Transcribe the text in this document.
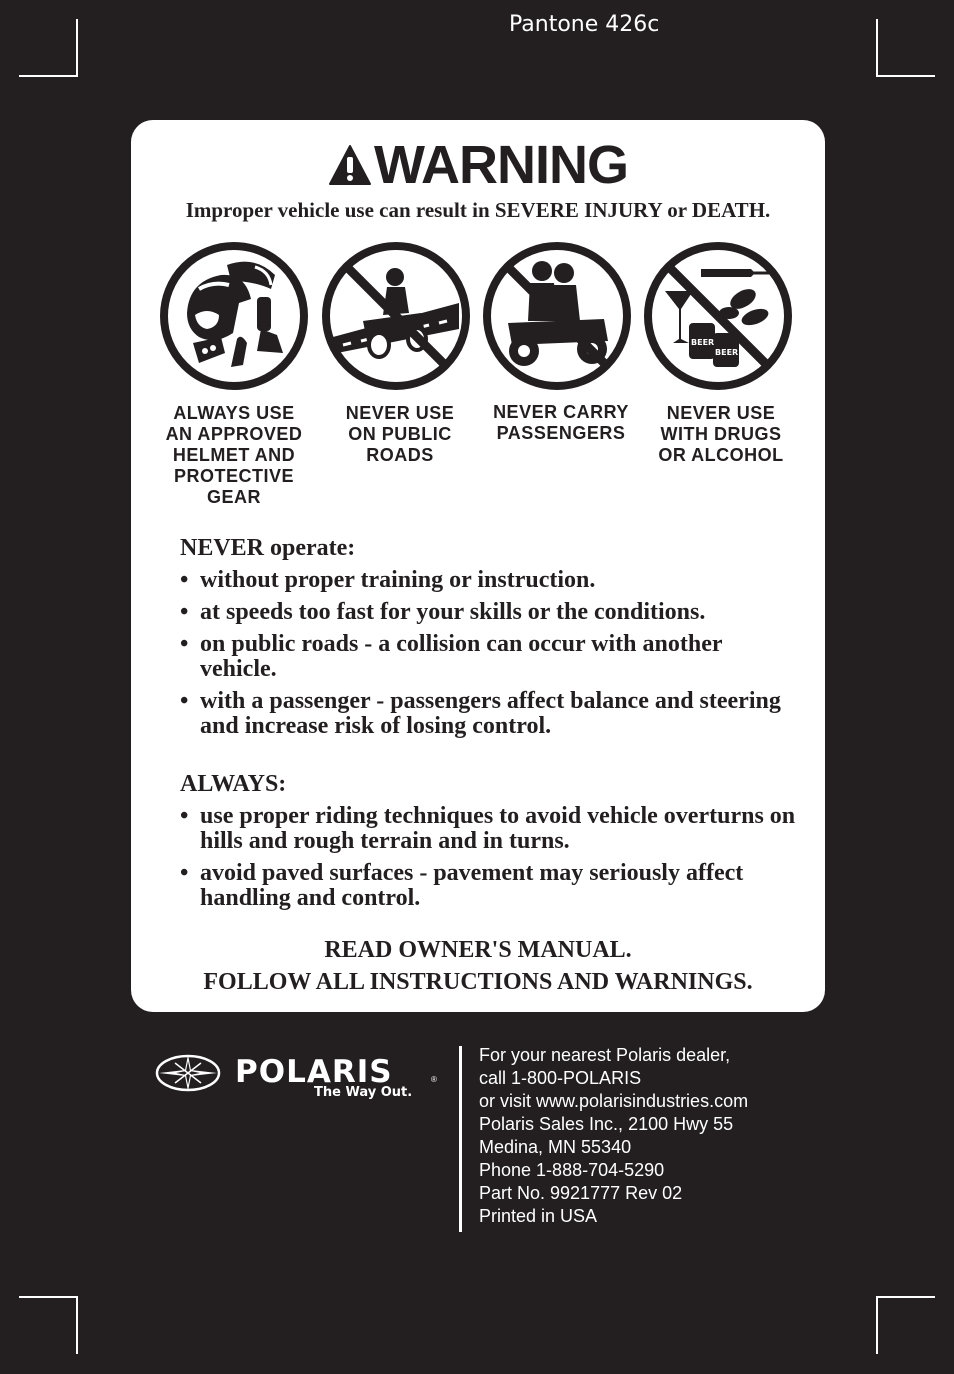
Pantone 426c
WARNING
Improper vehicle use can result in SEVERE INJURY or DEATH.
ALWAYS USE
AN APPROVED
HELMET AND
PROTECTIVE
GEAR
NEVER USE
ON PUBLIC
ROADS
NEVER CARRY
PASSENGERS
BEER
BEER
NEVER USE
WITH DRUGS
OR ALCOHOL
NEVER operate:
• without proper training or instruction.
• at speeds too fast for your skills or the conditions.
• on public roads - a collision can occur with another vehicle.
• with a passenger - passengers affect balance and steering and increase risk of losing control.
ALWAYS:
• use proper riding techniques to avoid vehicle overturns on hills and rough terrain and in turns.
• avoid paved surfaces - pavement may seriously affect handling and control.
READ OWNER'S MANUAL.
FOLLOW ALL INSTRUCTIONS AND WARNINGS.
POLARIS	®
The Way Out.
For your nearest Polaris dealer,
call 1-800-POLARIS
or visit www.polarisindustries.com
Polaris Sales Inc., 2100 Hwy 55
Medina, MN 55340
Phone 1-888-704-5290
Part No. 9921777 Rev 02
Printed in USA
